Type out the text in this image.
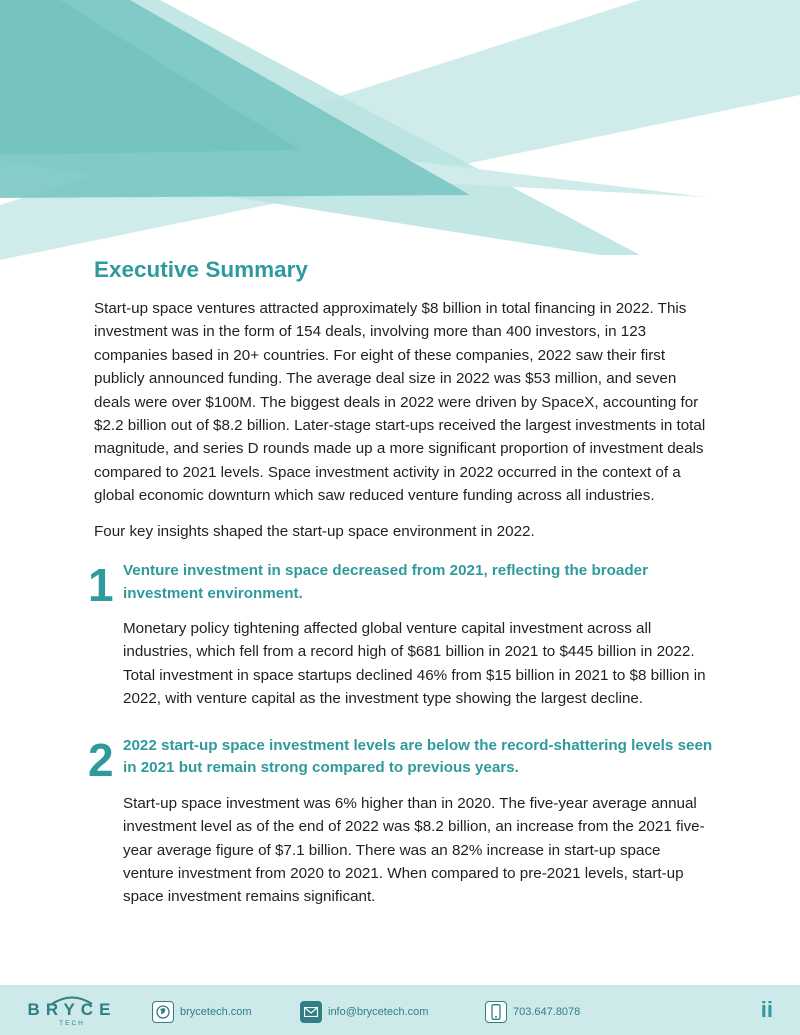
Executive Summary

Start-up space ventures attracted approximately $8 billion in total financing in 2022. This investment was in the form of 154 deals, involving more than 400 investors, in 123 companies based in 20+ countries. For eight of these companies, 2022 saw their first publicly announced funding. The average deal size in 2022 was $53 million, and seven deals were over $100M. The biggest deals in 2022 were driven by SpaceX, accounting for $2.2 billion out of $8.2 billion. Later-stage start-ups received the largest investments in total magnitude, and series D rounds made up a more significant proportion of investment deals compared to 2021 levels. Space investment activity in 2022 occurred in the context of a global economic downturn which saw reduced venture funding across all industries.

Four key insights shaped the start-up space environment in 2022.

1 Venture investment in space decreased from 2021, reflecting the broader investment environment.

Monetary policy tightening affected global venture capital investment across all industries, which fell from a record high of $681 billion in 2021 to $445 billion in 2022. Total investment in space startups declined 46% from $15 billion in 2021 to $8 billion in 2022, with venture capital as the investment type showing the largest decline.

2 2022 start-up space investment levels are below the record-shattering levels seen in 2021 but remain strong compared to previous years.

Start-up space investment was 6% higher than in 2020. The five-year average annual investment level as of the end of 2022 was $8.2 billion, an increase from the 2021 five-year average figure of $7.1 billion. There was an 82% increase in start-up space venture investment from 2020 to 2021. When compared to pre-2021 levels, start-up space investment remains significant.

BRYCE
TECH
brycetech.com	info@brycetech.com	703.647.8078	ii
